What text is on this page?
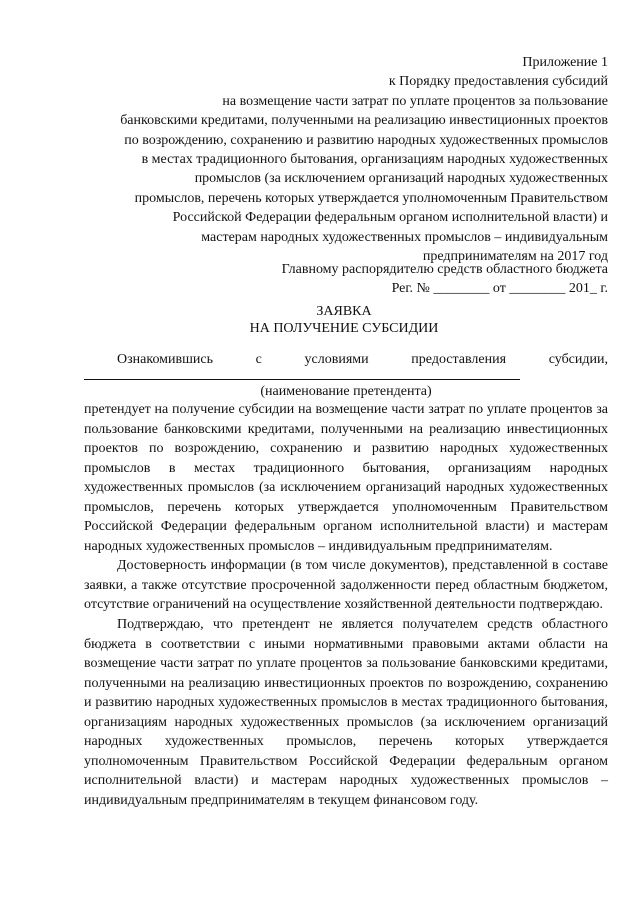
Приложение 1
к Порядку предоставления субсидий
на возмещение части затрат по уплате процентов за пользование
банковскими кредитами, полученными на реализацию инвестиционных проектов
по возрождению, сохранению и развитию народных художественных промыслов
в местах традиционного бытования, организациям народных художественных
промыслов (за исключением организаций народных художественных
промыслов, перечень которых утверждается уполномоченным Правительством
Российской Федерации федеральным органом исполнительной власти) и
мастерам народных художественных промыслов – индивидуальным
предпринимателям на 2017 год
Главному распорядителю средств областного бюджета
Рег. № ________ от ________ 201_ г.
ЗАЯВКА
НА ПОЛУЧЕНИЕ СУБСИДИИ
Ознакомившись	с	условиями	предоставления	субсидии,
(наименование претендента)

претендует на получение субсидии на возмещение части затрат по уплате процентов за пользование банковскими кредитами, полученными на реализацию инвестиционных проектов по возрождению, сохранению и развитию народных художественных промыслов в местах традиционного бытования, организациям народных художественных промыслов (за исключением организаций народных художественных промыслов, перечень которых утверждается уполномоченным Правительством Российской Федерации федеральным органом исполнительной власти) и мастерам народных художественных промыслов – индивидуальным предпринимателям.

Достоверность информации (в том числе документов), представленной в составе заявки, а также отсутствие просроченной задолженности перед областным бюджетом, отсутствие ограничений на осуществление хозяйственной деятельности подтверждаю.

Подтверждаю, что претендент не является получателем средств областного бюджета в соответствии с иными нормативными правовыми актами области на возмещение части затрат по уплате процентов за пользование банковскими кредитами, полученными на реализацию инвестиционных проектов по возрождению, сохранению и развитию народных художественных промыслов в местах традиционного бытования, организациям народных художественных промыслов (за исключением организаций народных художественных промыслов, перечень которых утверждается уполномоченным Правительством Российской Федерации федеральным органом исполнительной власти) и мастерам народных художественных промыслов – индивидуальным предпринимателям в текущем финансовом году.
